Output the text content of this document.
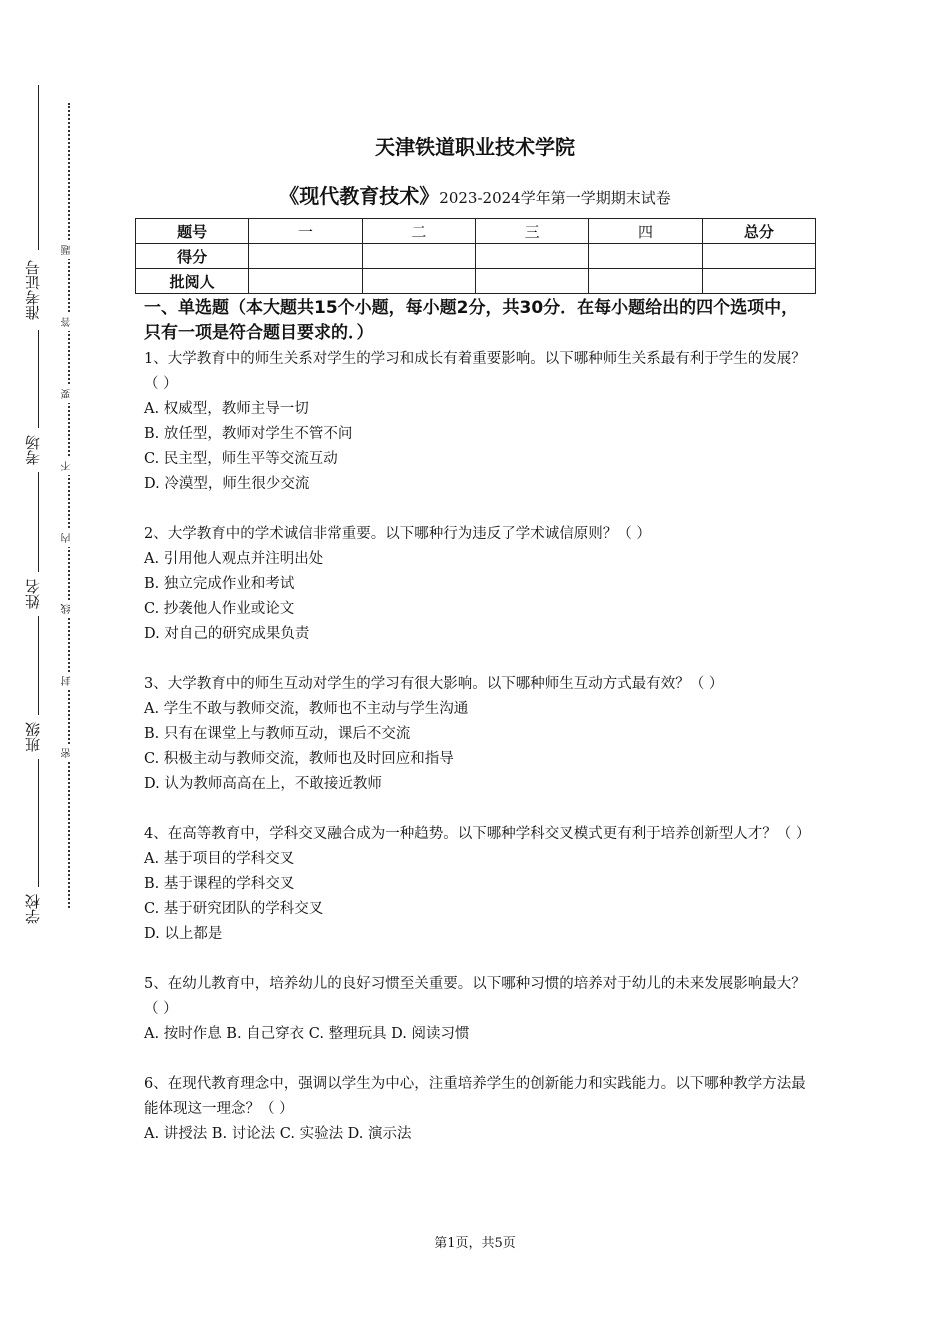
准考证号
考场
姓名
班级
学校
题
答
要
不
内
线
封
密
天津铁道职业技术学院
《现代教育技术》2023-2024学年第一学期期末试卷
题号	一	二	三	四	总分
得分					
批阅人					
一、单选题（本大题共15个小题，每小题2分，共30分．在每小题给出的四个选项中，只有一项是符合题目要求的．）
1、大学教育中的师生关系对学生的学习和成长有着重要影响。以下哪种师生关系最有利于学生的发展？（ ）
A. 权威型，教师主导一切
B. 放任型，教师对学生不管不问
C. 民主型，师生平等交流互动
D. 冷漠型，师生很少交流
2、大学教育中的学术诚信非常重要。以下哪种行为违反了学术诚信原则？（ ）
A. 引用他人观点并注明出处
B. 独立完成作业和考试
C. 抄袭他人作业或论文
D. 对自己的研究成果负责
3、大学教育中的师生互动对学生的学习有很大影响。以下哪种师生互动方式最有效？（ ）
A. 学生不敢与教师交流，教师也不主动与学生沟通
B. 只有在课堂上与教师互动，课后不交流
C. 积极主动与教师交流，教师也及时回应和指导
D. 认为教师高高在上，不敢接近教师
4、在高等教育中，学科交叉融合成为一种趋势。以下哪种学科交叉模式更有利于培养创新型人才？（ ）
A. 基于项目的学科交叉
B. 基于课程的学科交叉
C. 基于研究团队的学科交叉
D. 以上都是
5、在幼儿教育中，培养幼儿的良好习惯至关重要。以下哪种习惯的培养对于幼儿的未来发展影响最大？（ ）
A. 按时作息 B. 自己穿衣 C. 整理玩具 D. 阅读习惯
6、在现代教育理念中，强调以学生为中心，注重培养学生的创新能力和实践能力。以下哪种教学方法最能体现这一理念？（ ）
A. 讲授法 B. 讨论法 C. 实验法 D. 演示法
第1页，共5页
